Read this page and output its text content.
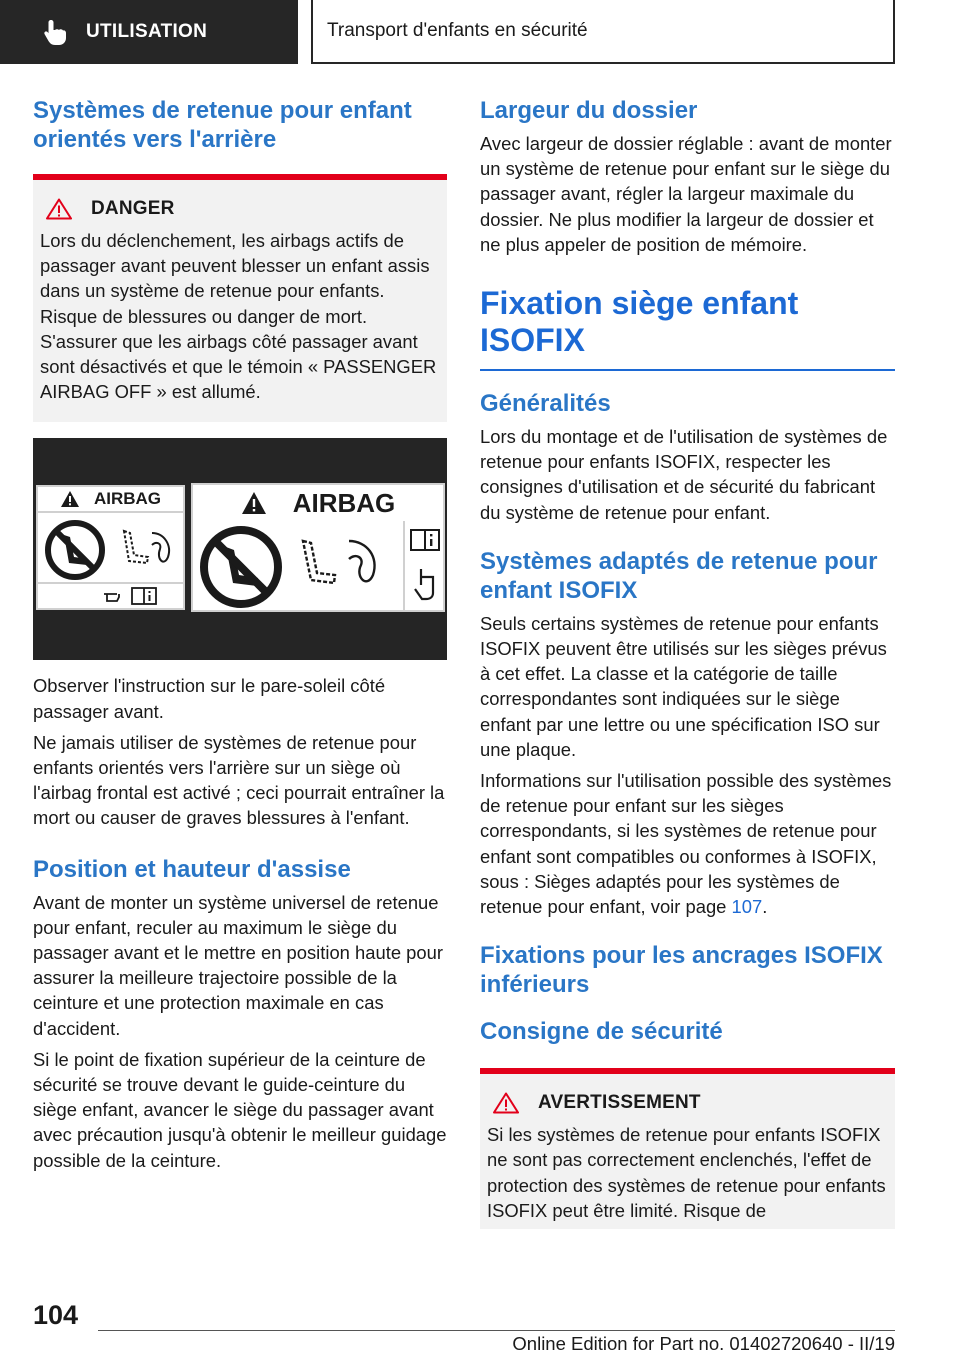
UTILISATION	Transport d'enfants en sécurité
Systèmes de retenue pour enfant orientés vers l'arrière
DANGER

Lors du déclenchement, les airbags actifs de passager avant peuvent blesser un enfant assis dans un système de retenue pour enfants. Risque de blessures ou danger de mort. S'assurer que les airbags côté passager avant sont désactivés et que le témoin « PASSENGER AIRBAG OFF » est allumé.

AIRBAG	AIRBAG

Observer l'instruction sur le pare-soleil côté passager avant.

Ne jamais utiliser de systèmes de retenue pour enfants orientés vers l'arrière sur un siège où l'airbag frontal est activé ; ceci pourrait entraîner la mort ou causer de graves blessures à l'enfant.

Position et hauteur d'assise

Avant de monter un système universel de retenue pour enfant, reculer au maximum le siège du passager avant et le mettre en position haute pour assurer la meilleure trajectoire possible de la ceinture et une protection maximale en cas d'accident.

Si le point de fixation supérieur de la ceinture de sécurité se trouve devant le guide-ceinture du siège enfant, avancer le siège du passager avant avec précaution jusqu'à obtenir le meilleur guidage possible de la ceinture.

Largeur du dossier

Avec largeur de dossier réglable : avant de monter un système de retenue pour enfant sur le siège du passager avant, régler la largeur maximale du dossier. Ne plus modifier la largeur de dossier et ne plus appeler de position de mémoire.

Fixation siège enfant ISOFIX
Généralités

Lors du montage et de l'utilisation de systèmes de retenue pour enfants ISOFIX, respecter les consignes d'utilisation et de sécurité du fabricant du système de retenue pour enfant.

Systèmes adaptés de retenue pour enfant ISOFIX

Seuls certains systèmes de retenue pour enfants ISOFIX peuvent être utilisés sur les sièges prévus à cet effet. La classe et la catégorie de taille correspondantes sont indiquées sur le siège enfant par une lettre ou une spécification ISO sur une plaque.

Informations sur l'utilisation possible des systèmes de retenue pour enfant sur les sièges correspondants, si les systèmes de retenue pour enfant sont compatibles ou conformes à ISOFIX, sous : Sièges adaptés pour les systèmes de retenue pour enfant, voir page 107.

Fixations pour les ancrages ISOFIX inférieurs
Consigne de sécurité
AVERTISSEMENT

Si les systèmes de retenue pour enfants ISOFIX ne sont pas correctement enclenchés, l'effet de protection des systèmes de retenue pour enfants ISOFIX peut être limité. Risque de

104
Online Edition for Part no. 01402720640 - II/19
